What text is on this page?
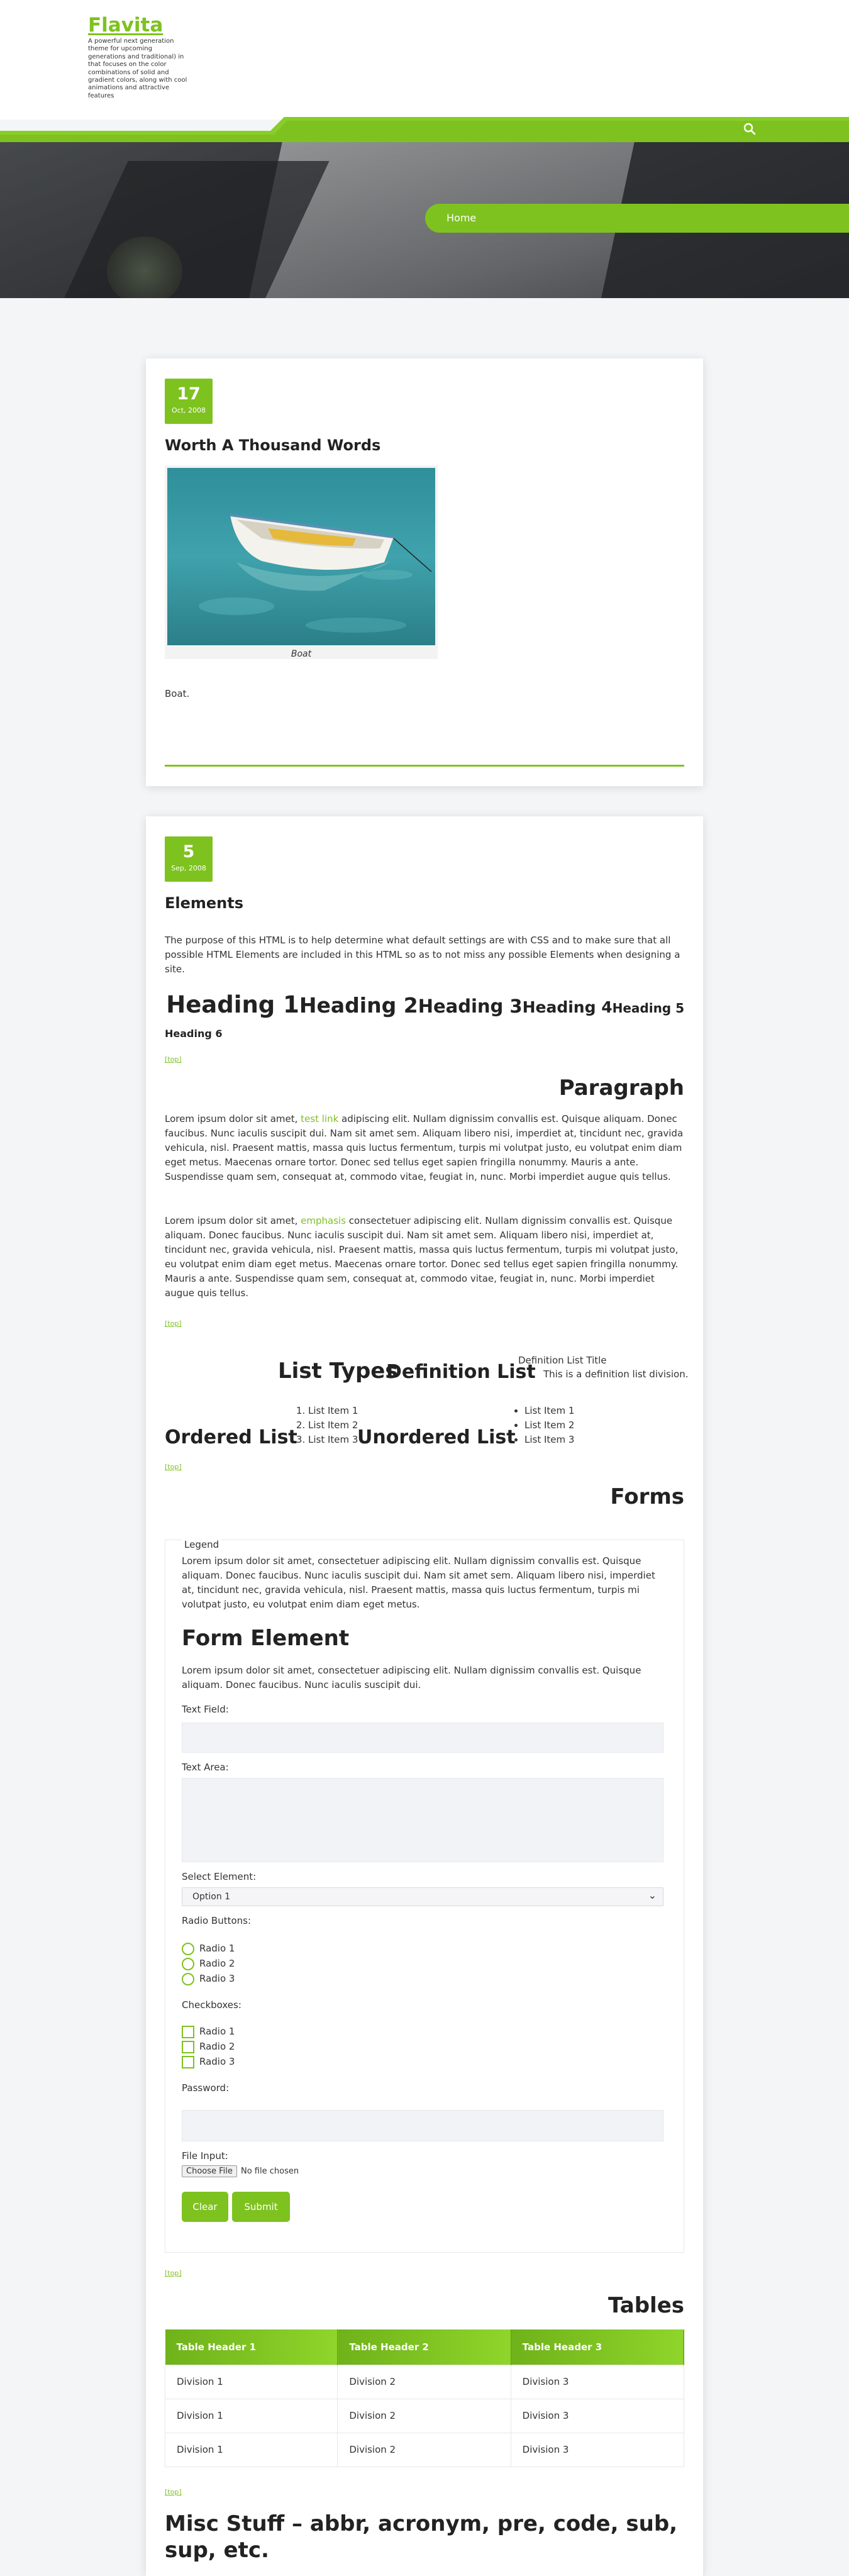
Flavita
A powerful next generation theme for upcoming generations and traditional) in that focuses on the color combinations of solid and gradient colors, along with cool animations and attractive features
Home
17
Oct, 2008
Worth A Thousand Words
Boat
Boat.
5
Sep, 2008
Elements
The purpose of this HTML is to help determine what default settings are with CSS and to make sure that all possible HTML Elements are included in this HTML so as to not miss any possible Elements when designing a site.
Heading 1Heading 2Heading 3Heading 4Heading 5
Heading 6
[top]
Paragraph

Lorem ipsum dolor sit amet, test link adipiscing elit. Nullam dignissim convallis est. Quisque aliquam. Donec faucibus. Nunc iaculis suscipit dui. Nam sit amet sem. Aliquam libero nisi, imperdiet at, tincidunt nec, gravida vehicula, nisl. Praesent mattis, massa quis luctus fermentum, turpis mi volutpat justo, eu volutpat enim diam eget metus. Maecenas ornare tortor. Donec sed tellus eget sapien fringilla nonummy. Mauris a ante. Suspendisse quam sem, consequat at, commodo vitae, feugiat in, nunc. Morbi imperdiet augue quis tellus.

Lorem ipsum dolor sit amet, emphasis consectetuer adipiscing elit. Nullam dignissim convallis est. Quisque aliquam. Donec faucibus. Nunc iaculis suscipit dui. Nam sit amet sem. Aliquam libero nisi, imperdiet at, tincidunt nec, gravida vehicula, nisl. Praesent mattis, massa quis luctus fermentum, turpis mi volutpat justo, eu volutpat enim diam eget metus. Maecenas ornare tortor. Donec sed tellus eget sapien fringilla nonummy. Mauris a ante. Suspendisse quam sem, consequat at, commodo vitae, feugiat in, nunc. Morbi imperdiet augue quis tellus.

[top]
List Types
Definition List
Definition List Title
This is a definition list division.
1. List Item 1
2. List Item 2
3. List Item 3
• List Item 1
• List Item 2
• List Item 3
Ordered List	Unordered List
[top]
Forms
Legend
Lorem ipsum dolor sit amet, consectetuer adipiscing elit. Nullam dignissim convallis est. Quisque aliquam. Donec faucibus. Nunc iaculis suscipit dui. Nam sit amet sem. Aliquam libero nisi, imperdiet at, tincidunt nec, gravida vehicula, nisl. Praesent mattis, massa quis luctus fermentum, turpis mi volutpat justo, eu volutpat enim diam eget metus.
Form Element
Lorem ipsum dolor sit amet, consectetuer adipiscing elit. Nullam dignissim convallis est. Quisque aliquam. Donec faucibus. Nunc iaculis suscipit dui.
Text Field:
Text Area:
Select Element:
Option 1	⌄
Radio Buttons:
Radio 1
Radio 2
Radio 3
Checkboxes:
Radio 1
Radio 2
Radio 3
Password:
File Input:
Choose File	No file chosen
Clear	Submit
[top]
Tables
Table Header 1	Table Header 2	Table Header 3
Division 1	Division 2	Division 3
Division 1	Division 2	Division 3
Division 1	Division 2	Division 3
[top]
Misc Stuff – abbr, acronym, pre, code, sub, sup, etc.
